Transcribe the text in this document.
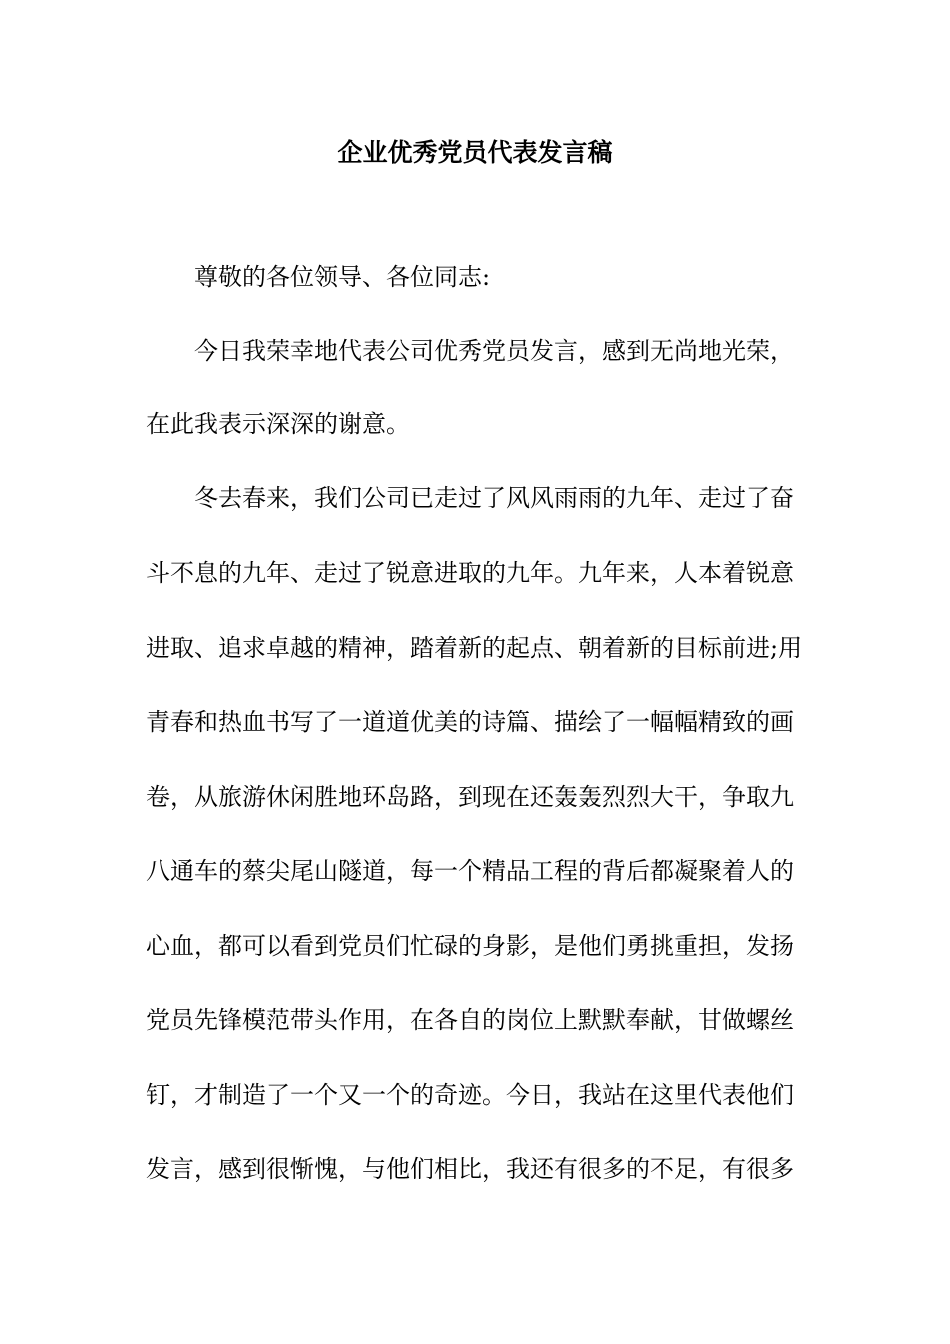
企业优秀党员代表发言稿

尊敬的各位领导、各位同志:

今日我荣幸地代表公司优秀党员发言，感到无尚地光荣，

在此我表示深深的谢意。

冬去春来，我们公司已走过了风风雨雨的九年、走过了奋

斗不息的九年、走过了锐意进取的九年。九年来，人本着锐意

进取、追求卓越的精神，踏着新的起点、朝着新的目标前进;用

青春和热血书写了一道道优美的诗篇、描绘了一幅幅精致的画

卷，从旅游休闲胜地环岛路，到现在还轰轰烈烈大干，争取九

八通车的蔡尖尾山隧道，每一个精品工程的背后都凝聚着人的

心血，都可以看到党员们忙碌的身影，是他们勇挑重担，发扬

党员先锋模范带头作用，在各自的岗位上默默奉献，甘做螺丝

钉，才制造了一个又一个的奇迹。今日，我站在这里代表他们

发言，感到很惭愧，与他们相比，我还有很多的不足，有很多
